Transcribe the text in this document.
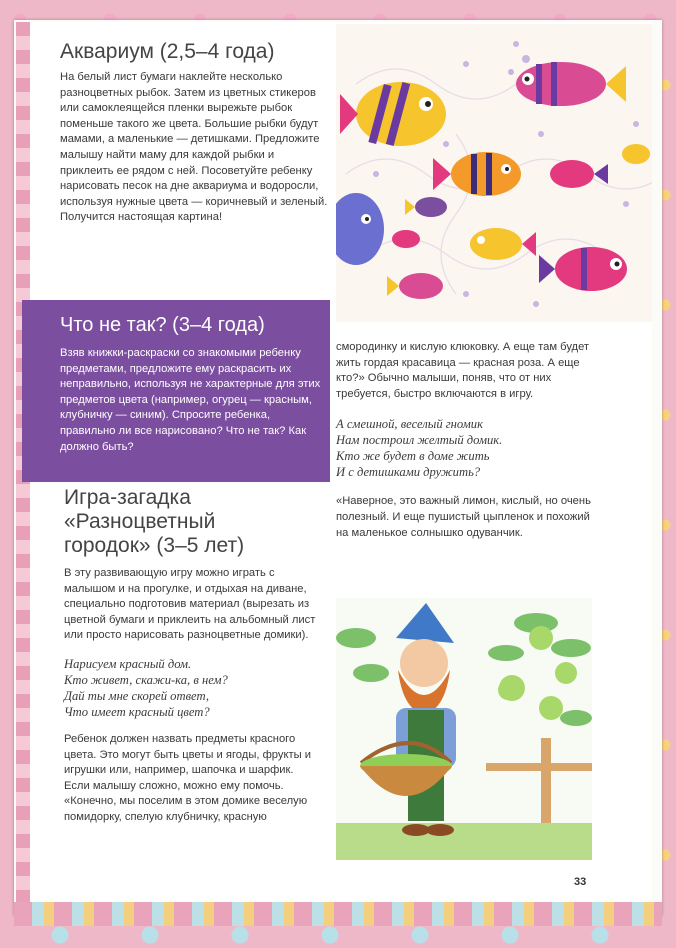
Аквариум (2,5–4 года)

На белый лист бумаги наклейте несколько разноцветных рыбок. Затем из цветных стикеров или самоклеящейся пленки вырежьте рыбок поменьше такого же цвета. Большие рыбки будут мамами, а маленькие — детишками. Предложите малышу найти маму для каждой рыбки и приклеить ее рядом с ней. Посоветуйте ребенку нарисовать песок на дне аквариума и водоросли, используя нужные цвета — коричневый и зеленый. Получится настоящая картина!

Что не так? (3–4 года)

Взяв книжки-раскраски со знакомыми ребенку предметами, предложите ему раскрасить их неправильно, используя не характерные для этих предметов цвета (например, огурец — красным, клубничку — синим). Спросите ребенка, правильно ли все нарисовано? Что не так? Как должно быть?

Игра-загадка
«Разноцветный
городок» (3–5 лет)

В эту развивающую игру можно играть с малышом и на прогулке, и отдыхая на диване, специально подготовив материал (вырезать из цветной бумаги и приклеить на альбомный лист или просто нарисовать разноцветные домики).

Нарисуем красный дом.
Кто живет, скажи-ка, в нем?
Дай ты мне скорей ответ,
Что имеет красный цвет?

Ребенок должен назвать предметы красного цвета. Это могут быть цветы и ягоды, фрукты и игрушки или, например, шапочка и шарфик. Если малышу сложно, можно ему помочь. «Конечно, мы поселим в этом домике веселую помидорку, спелую клубничку, красную

смородинку и кислую клюковку. А еще там будет жить гордая красавица — красная роза. А еще кто?» Обычно малыши, поняв, что от них требуется, быстро включаются в игру.

А смешной, веселый гномик
Нам построил желтый домик.
Кто же будет в доме жить
И с детишками дружить?

«Наверное, это важный лимон, кислый, но очень полезный. И еще пушистый цыпленок и похожий на маленькое солнышко одуванчик.

33
